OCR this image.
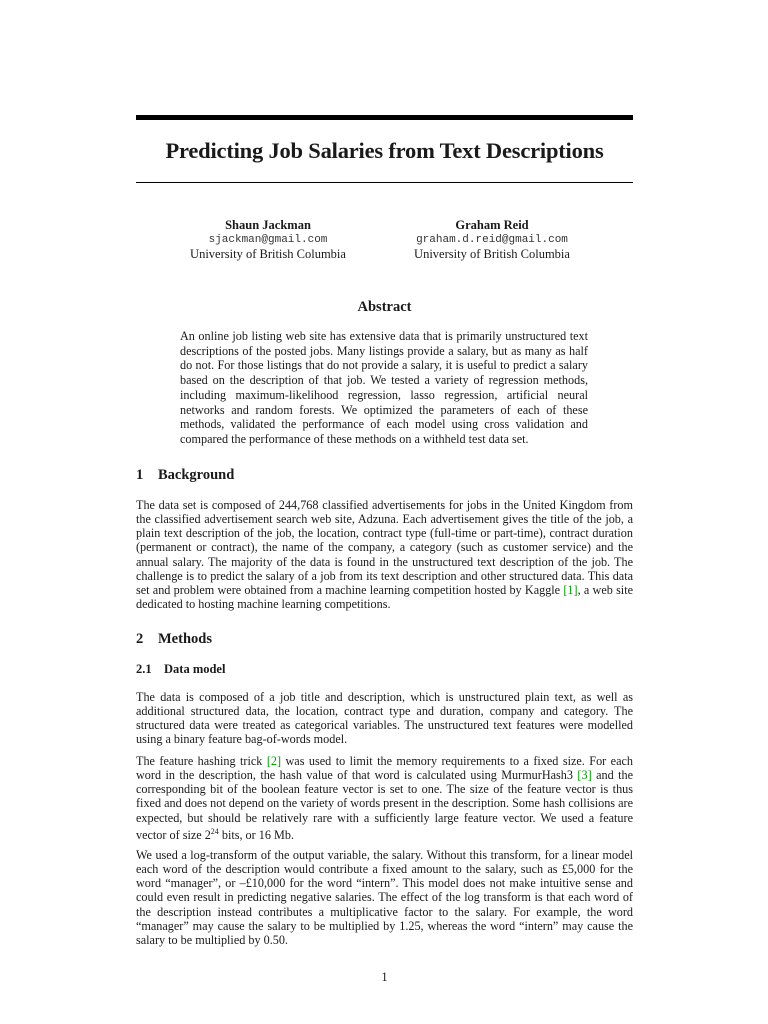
Predicting Job Salaries from Text Descriptions
Shaun Jackman
sjackman@gmail.com
University of British Columbia
Graham Reid
graham.d.reid@gmail.com
University of British Columbia
Abstract

An online job listing web site has extensive data that is primarily unstructured text descriptions of the posted jobs. Many listings provide a salary, but as many as half do not. For those listings that do not provide a salary, it is useful to predict a salary based on the description of that job. We tested a variety of regression methods, including maximum-likelihood regression, lasso regression, artificial neural networks and random forests. We optimized the parameters of each of these methods, validated the performance of each model using cross validation and compared the performance of these methods on a withheld test data set.

1 Background

The data set is composed of 244,768 classified advertisements for jobs in the United Kingdom from the classified advertisement search web site, Adzuna. Each advertisement gives the title of the job, a plain text description of the job, the location, contract type (full-time or part-time), contract duration (permanent or contract), the name of the company, a category (such as customer service) and the annual salary. The majority of the data is found in the unstructured text description of the job. The challenge is to predict the salary of a job from its text description and other structured data. This data set and problem were obtained from a machine learning competition hosted by Kaggle [ 1 ] , a web site dedicated to hosting machine learning competitions.

2 Methods
2.1 Data model

The data is composed of a job title and description, which is unstructured plain text, as well as additional structured data, the location, contract type and duration, company and category. The structured data were treated as categorical variables. The unstructured text features were modelled using a binary feature bag-of-words model.

The feature hashing trick [ 2 ] was used to limit the memory requirements to a fixed size. For each word in the description, the hash value of that word is calculated using MurmurHash3 [ 3 ] and the corresponding bit of the boolean feature vector is set to one. The size of the feature vector is thus fixed and does not depend on the variety of words present in the description. Some hash collisions are expected, but should be relatively rare with a sufficiently large feature vector. We used a feature vector of size $2^{24}$ bits, or 16 Mb.

We used a log-transform of the output variable, the salary. Without this transform, for a linear model each word of the description would contribute a fixed amount to the salary, such as £5,000 for the word “manager”, or –£10,000 for the word “intern”. This model does not make intuitive sense and could even result in predicting negative salaries. The effect of the log transform is that each word of the description instead contributes a multiplicative factor to the salary. For example, the word “manager” may cause the salary to be multiplied by 1.25, whereas the word “intern” may cause the salary to be multiplied by 0.50.

1
